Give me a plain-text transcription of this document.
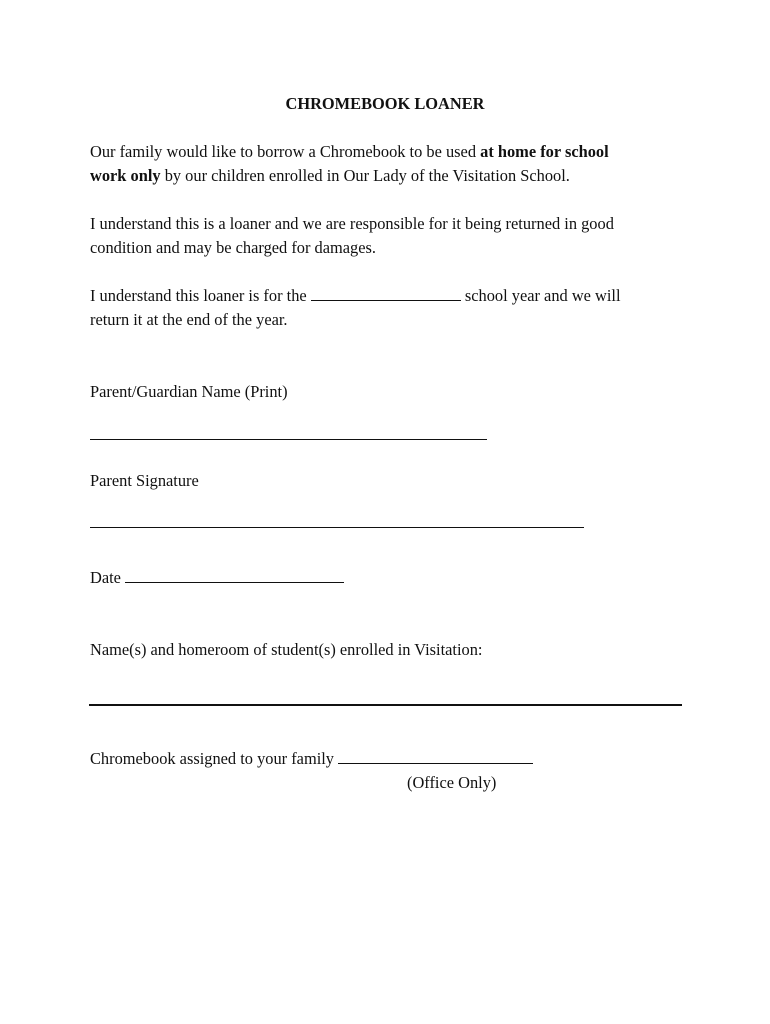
CHROMEBOOK LOANER
Our family would like to borrow a Chromebook to be used at home for school
work only by our children enrolled in Our Lady of the Visitation School.
I understand this is a loaner and we are responsible for it being returned in good
condition and may be charged for damages.
I understand this loaner is for the	school year and we will
return it at the end of the year.
Parent/Guardian Name (Print)
Parent Signature
Date
Name(s) and homeroom of student(s) enrolled in Visitation:
Chromebook assigned to your family
(Office Only)
